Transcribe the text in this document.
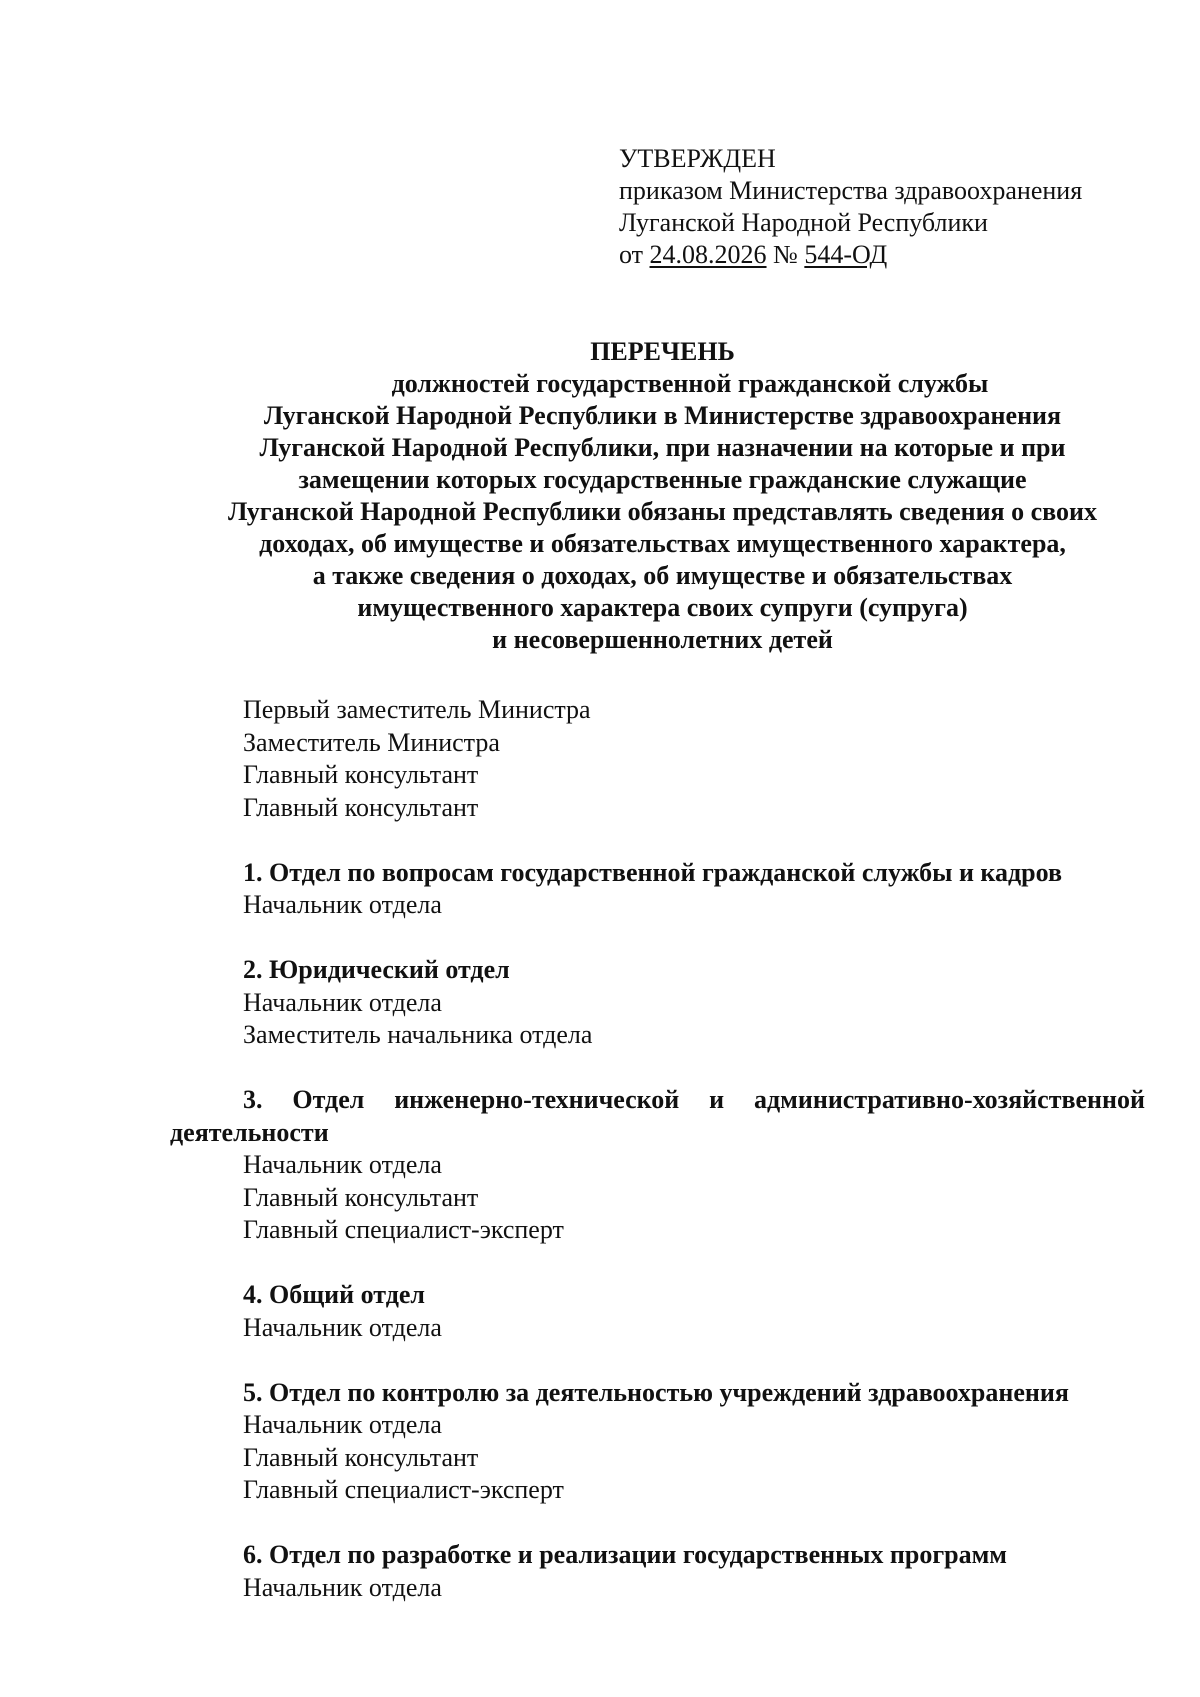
УТВЕРЖДЕН
приказом Министерства здравоохранения
Луганской Народной Республики
от 24.08.2026 № 544-ОД
ПЕРЕЧЕНЬ
должностей государственной гражданской службы
Луганской Народной Республики в Министерстве здравоохранения
Луганской Народной Республики, при назначении на которые и при
замещении которых государственные гражданские служащие
Луганской Народной Республики обязаны представлять сведения о своих
доходах, об имуществе и обязательствах имущественного характера,
а также сведения о доходах, об имуществе и обязательствах
имущественного характера своих супруги (супруга)
и несовершеннолетних детей
Первый заместитель Министра
Заместитель Министра
Главный консультант
Главный консультант
1. Отдел по вопросам государственной гражданской службы и кадров
Начальник отдела
2. Юридический отдел
Начальник отдела
Заместитель начальника отдела
3. Отдел инженерно-технической и административно-хозяйственной деятельности
Начальник отдела
Главный консультант
Главный специалист-эксперт
4. Общий отдел
Начальник отдела
5. Отдел по контролю за деятельностью учреждений здравоохранения
Начальник отдела
Главный консультант
Главный специалист-эксперт
6. Отдел по разработке и реализации государственных программ
Начальник отдела
